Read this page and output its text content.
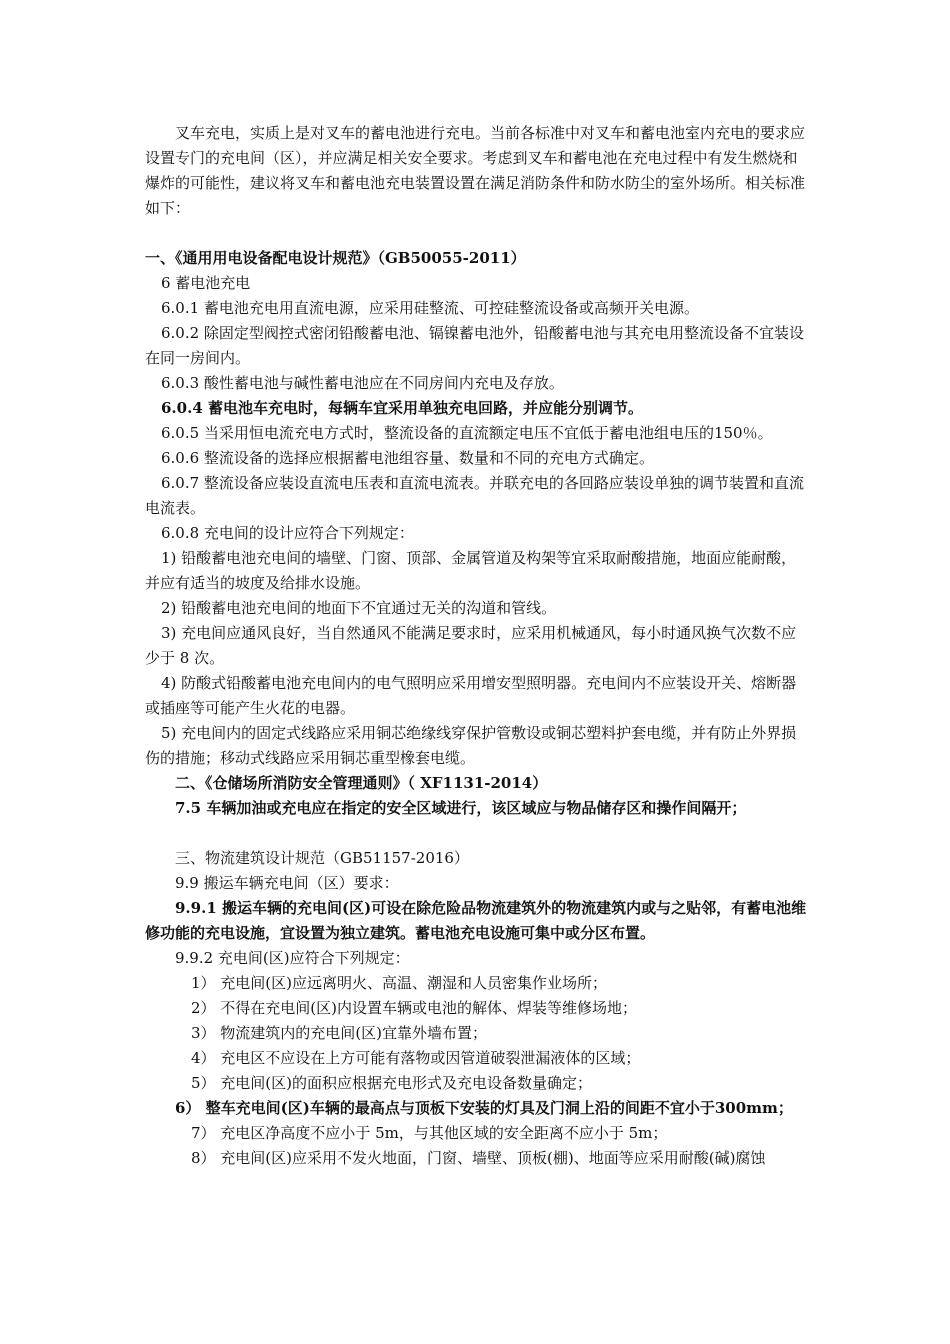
叉车充电，实质上是对叉车的蓄电池进行充电。当前各标准中对叉车和蓄电池室内充电的要求应设置专门的充电间（区），并应满足相关安全要求。考虑到叉车和蓄电池在充电过程中有发生燃烧和爆炸的可能性，建议将叉车和蓄电池充电装置设置在满足消防条件和防水防尘的室外场所。相关标准如下：

一、《通用用电设备配电设计规范》（GB50055-2011）

6 蓄电池充电

6.0.1 蓄电池充电用直流电源，应采用硅整流、可控硅整流设备或高频开关电源。

6.0.2 除固定型阀控式密闭铅酸蓄电池、镉镍蓄电池外，铅酸蓄电池与其充电用整流设备不宜装设在同一房间内。

6.0.3 酸性蓄电池与碱性蓄电池应在不同房间内充电及存放。

6.0.4 蓄电池车充电时，每辆车宜采用单独充电回路，并应能分别调节。

6.0.5 当采用恒电流充电方式时，整流设备的直流额定电压不宜低于蓄电池组电压的150％。

6.0.6 整流设备的选择应根据蓄电池组容量、数量和不同的充电方式确定。

6.0.7 整流设备应装设直流电压表和直流电流表。并联充电的各回路应装设单独的调节装置和直流电流表。

6.0.8 充电间的设计应符合下列规定：

1) 铅酸蓄电池充电间的墙壁、门窗、顶部、金属管道及构架等宜采取耐酸措施，地面应能耐酸，并应有适当的坡度及给排水设施。

2) 铅酸蓄电池充电间的地面下不宜通过无关的沟道和管线。

3) 充电间应通风良好，当自然通风不能满足要求时，应采用机械通风，每小时通风换气次数不应少于 8 次。

4) 防酸式铅酸蓄电池充电间内的电气照明应采用增安型照明器。充电间内不应装设开关、熔断器或插座等可能产生火花的电器。

5) 充电间内的固定式线路应采用铜芯绝缘线穿保护管敷设或铜芯塑料护套电缆，并有防止外界损伤的措施；移动式线路应采用铜芯重型橡套电缆。

二、《仓储场所消防安全管理通则》（ XF1131-2014）

7.5 车辆加油或充电应在指定的安全区域进行，该区域应与物品储存区和操作间隔开；

三、物流建筑设计规范（GB51157-2016）

9.9 搬运车辆充电间（区）要求：

9.9.1 搬运车辆的充电间(区)可设在除危险品物流建筑外的物流建筑内或与之贴邻，有蓄电池维修功能的充电设施，宜设置为独立建筑。蓄电池充电设施可集中或分区布置。

9.9.2 充电间(区)应符合下列规定：

1） 充电间(区)应远离明火、高温、潮湿和人员密集作业场所；

2） 不得在充电间(区)内设置车辆或电池的解体、焊装等维修场地；

3） 物流建筑内的充电间(区)宜靠外墙布置；

4） 充电区不应设在上方可能有落物或因管道破裂泄漏液体的区域；

5） 充电间(区)的面积应根据充电形式及充电设备数量确定；

6） 整车充电间(区)车辆的最高点与顶板下安装的灯具及门洞上沿的间距不宜小于300mm；

7） 充电区净高度不应小于 5m，与其他区域的安全距离不应小于 5m；

8） 充电间(区)应采用不发火地面，门窗、墙壁、顶板(棚)、地面等应采用耐酸(碱)腐蚀
